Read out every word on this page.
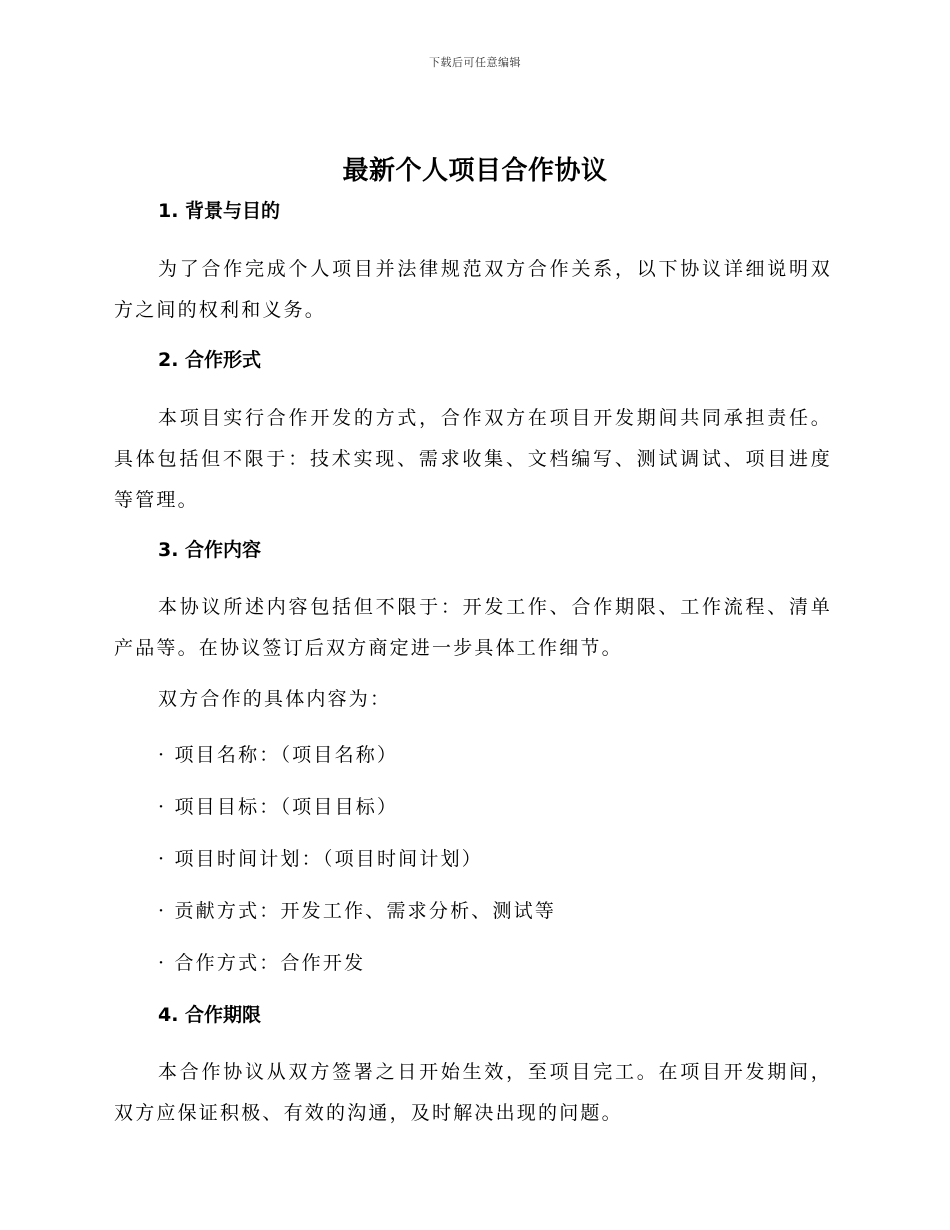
下载后可任意编辑
最新个人项目合作协议

1. 背景与目的

为了合作完成个人项目并法律规范双方合作关系，以下协议详细说明双方之间的权利和义务。

2. 合作形式

本项目实行合作开发的方式，合作双方在项目开发期间共同承担责任。具体包括但不限于：技术实现、需求收集、文档编写、测试调试、项目进度等管理。

3. 合作内容

本协议所述内容包括但不限于：开发工作、合作期限、工作流程、清单产品等。在协议签订后双方商定进一步具体工作细节。

双方合作的具体内容为：

· 项目名称：（项目名称）

· 项目目标：（项目目标）

· 项目时间计划：（项目时间计划）

· 贡献方式：开发工作、需求分析、测试等

· 合作方式：合作开发

4. 合作期限

本合作协议从双方签署之日开始生效，至项目完工。在项目开发期间，双方应保证积极、有效的沟通，及时解决出现的问题。
